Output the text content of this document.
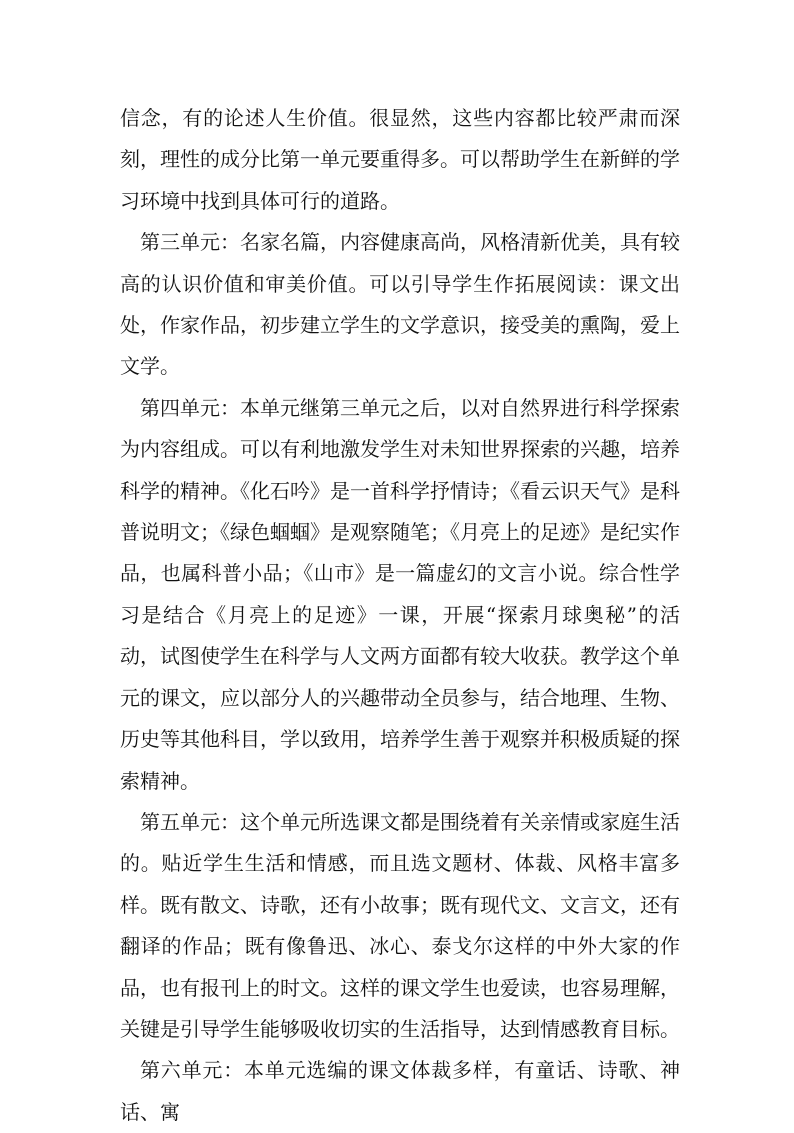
信念，有的论述人生价值。很显然，这些内容都比较严肃而深刻，理性的成分比第一单元要重得多。可以帮助学生在新鲜的学习环境中找到具体可行的道路。

第三单元：名家名篇，内容健康高尚，风格清新优美，具有较高的认识价值和审美价值。可以引导学生作拓展阅读：课文出处，作家作品，初步建立学生的文学意识，接受美的熏陶，爱上文学。

第四单元：本单元继第三单元之后，以对自然界进行科学探索为内容组成。可以有利地激发学生对未知世界探索的兴趣，培养科学的精神。《化石吟》是一首科学抒情诗；《看云识天气》是科普说明文；《绿色蝈蝈》是观察随笔；《月亮上的足迹》是纪实作品，也属科普小品；《山市》是一篇虚幻的文言小说。综合性学习是结合《月亮上的足迹》一课，开展“探索月球奥秘”的活动，试图使学生在科学与人文两方面都有较大收获。教学这个单元的课文，应以部分人的兴趣带动全员参与，结合地理、生物、历史等其他科目，学以致用，培养学生善于观察并积极质疑的探索精神。

第五单元：这个单元所选课文都是围绕着有关亲情或家庭生活的。贴近学生生活和情感，而且选文题材、体裁、风格丰富多样。既有散文、诗歌，还有小故事；既有现代文、文言文，还有翻译的作品；既有像鲁迅、冰心、泰戈尔这样的中外大家的作品，也有报刊上的时文。这样的课文学生也爱读，也容易理解，关键是引导学生能够吸收切实的生活指导，达到情感教育目标。

第六单元：本单元选编的课文体裁多样，有童话、诗歌、神话、寓
